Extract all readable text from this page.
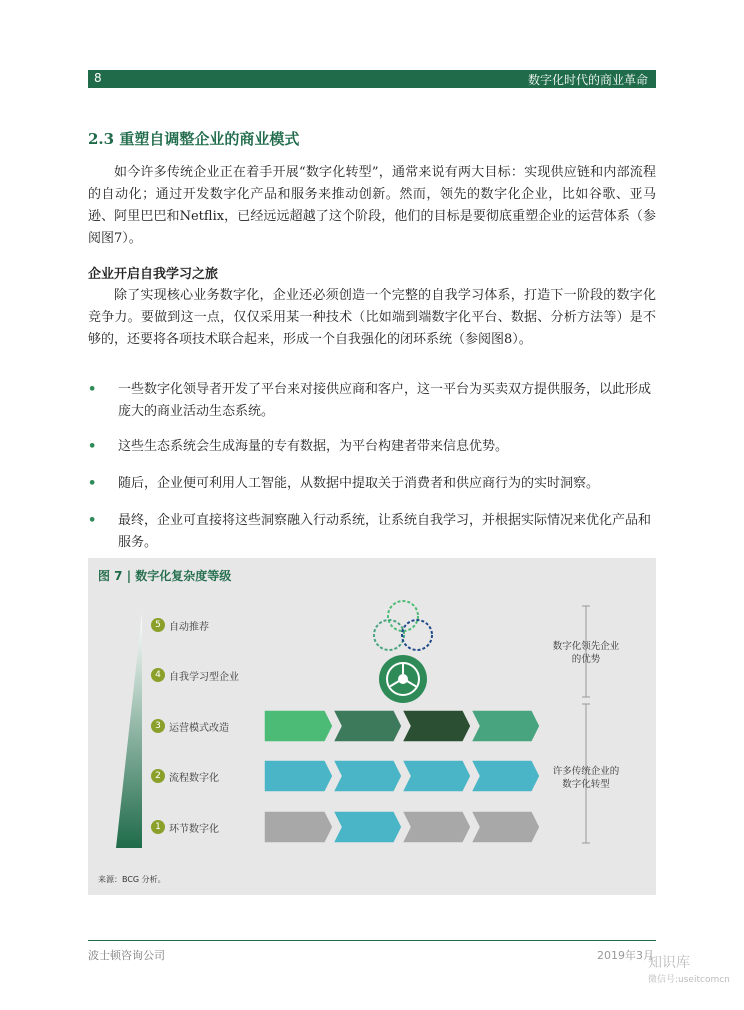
8	数字化时代的商业革命
2.3 重塑自调整企业的商业模式

如今许多传统企业正在着手开展“数字化转型”，通常来说有两大目标：实现供应链和内部流程的自动化；通过开发数字化产品和服务来推动创新。然而，领先的数字化企业，比如谷歌、亚马逊、阿里巴巴和Netflix，已经远远超越了这个阶段，他们的目标是要彻底重塑企业的运营体系（参阅图7）。

企业开启自我学习之旅

除了实现核心业务数字化，企业还必须创造一个完整的自我学习体系，打造下一阶段的数字化竞争力。要做到这一点，仅仅采用某一种技术（比如端到端数字化平台、数据、分析方法等）是不够的，还要将各项技术联合起来，形成一个自我强化的闭环系统（参阅图8）。

• 一些数字化领导者开发了平台来对接供应商和客户，这一平台为买卖双方提供服务，以此形成庞大的商业活动生态系统。

• 这些生态系统会生成海量的专有数据，为平台构建者带来信息优势。

• 随后，企业便可利用人工智能，从数据中提取关于消费者和供应商行为的实时洞察。

• 最终，企业可直接将这些洞察融入行动系统，让系统自我学习，并根据实际情况来优化产品和服务。

图 7 | 数字化复杂度等级
5 自动推荐
4 自我学习型企业
3 运营模式改造
2 流程数字化
1 环节数字化
数字化领先企业
的优势
许多传统企业的
数字化转型
来源：BCG 分析。
波士顿咨询公司	2019年3月
知识库
微信号:useitcomcn
